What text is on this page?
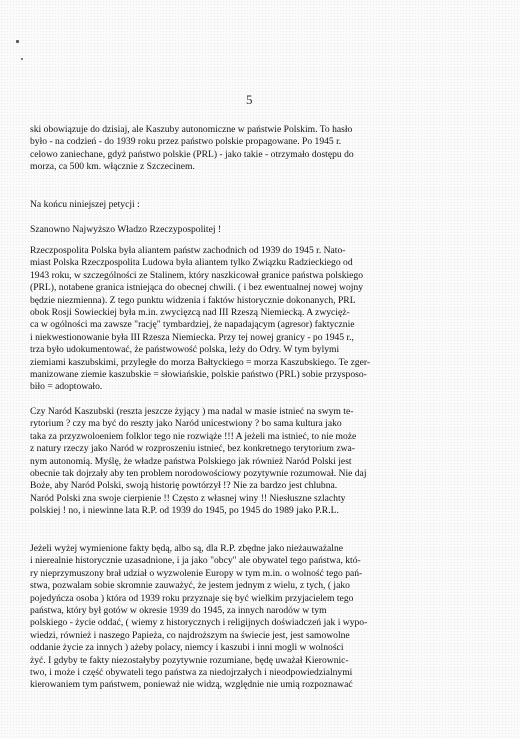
5
ski obowiązuje do dzisiaj, ale Kaszuby autonomiczne w państwie Polskim. To hasło
było - na codzień - do 1939 roku przez państwo polskie propagowane. Po 1945 r.
celowo zaniechane, gdyż państwo polskie (PRL) - jako takie - otrzymało dostępu do
morza, ca 500 km. włącznie z Szczecinem.
Na końcu niniejszej petycji :
Szanowno Najwyższo Władzo Rzeczypospolitej !
Rzeczpospolita Polska była aliantem państw zachodnich od 1939 do 1945 r. Nato-
miast Polska Rzeczpospolita Ludowa była aliantem tylko Związku Radzieckiego od
1943 roku, w szczególności ze Stalinem, który naszkicował granice państwa polskiego
(PRL), notabene granica istniejąca do obecnej chwili. ( i bez ewentualnej nowej wojny
będzie niezmienna). Z tego punktu widzenia i faktów historycznie dokonanych, PRL
obok Rosji Sowieckiej była m.in. zwycięzcą nad III Rzeszą Niemiecką. A zwycięż-
ca w ogólności ma zawsze "rację" tymbardziej, że napadającym (agresor) faktycznie
i niekwestionowanie była III Rzesza Niemiecka. Przy tej nowej granicy - po 1945 r.,
trza było udokumentować, że państwowość polska, leży do Odry. W tym bylymi
ziemiami kaszubskimi, przyległe do morza Bałtyckiego = morza Kaszubskiego. Te zger-
manizowane ziemie kaszubskie = słowiańskie, polskie państwo (PRL) sobie przysposo-
biło = adoptowało.
Czy Naród Kaszubski (reszta jeszcze żyjący ) ma nadal w masie istnieć na swym te-
rytorium ? czy ma być do reszty jako Naród unicestwiony ? bo sama kultura jako
taka za przyzwoloeniem folklor tego nie rozwiąże !!! A jeżeli ma istnieć, to nie może
z natury rzeczy jako Naród w rozproszeniu istnieć, bez konkretnego terytorium zwa-
nym autonomią. Myślę, że władze państwa Polskiego jak również Naród Polski jest
obecnie tak dojrzały aby ten problem norodowościowy pozytywnie rozumował. Nie daj
Boże, aby Naród Polski, swoją historię powtórzył !? Nie za bardzo jest chlubna.
Naród Polski zna swoje cierpienie !! Często z własnej winy !! Niesłuszne szlachty
polskiej ! no, i niewinne lata R.P. od 1939 do 1945, po 1945 do 1989 jako P.R.L.
Jeżeli wyżej wymienione fakty będą, albo są, dla R.P. zbędne jako nieżauważalne
i nierealnie historycznie uzasadnione, i ja jako "obcy" ale obywatel tego państwa, któ-
ry nieprzymuszony brał udział o wyzwolenie Europy w tym m.in. o wolność tego pań-
stwa, pozwalam sobie skromnie zauważyć, że jestem jednym z wielu, z tych, ( jako
pojedyńcza osoba ) która od 1939 roku przyznaje się być wielkim przyjacielem tego
państwa, który był gotów w okresie 1939 do 1945, za innych narodów w tym
polskiego - życie oddać, ( wiemy z historycznych i religijnych doświadczeń jak i wypo-
wiedzi, również i naszego Papieża, co najdroższym na świecie jest, jest samowolne
oddanie życie za innych ) ażeby polacy, niemcy i kaszubi i inni mogli w wolności
żyć. I gdyby te fakty niezostałyby pozytywnie rozumiane, będę uważał Kierownic-
two, i może i część obywateli tego państwa za niedojrzałych i nieodpowiedzialnymi
kierowaniem tym państwem, ponieważ nie widzą, względnie nie umią rozpoznawać
